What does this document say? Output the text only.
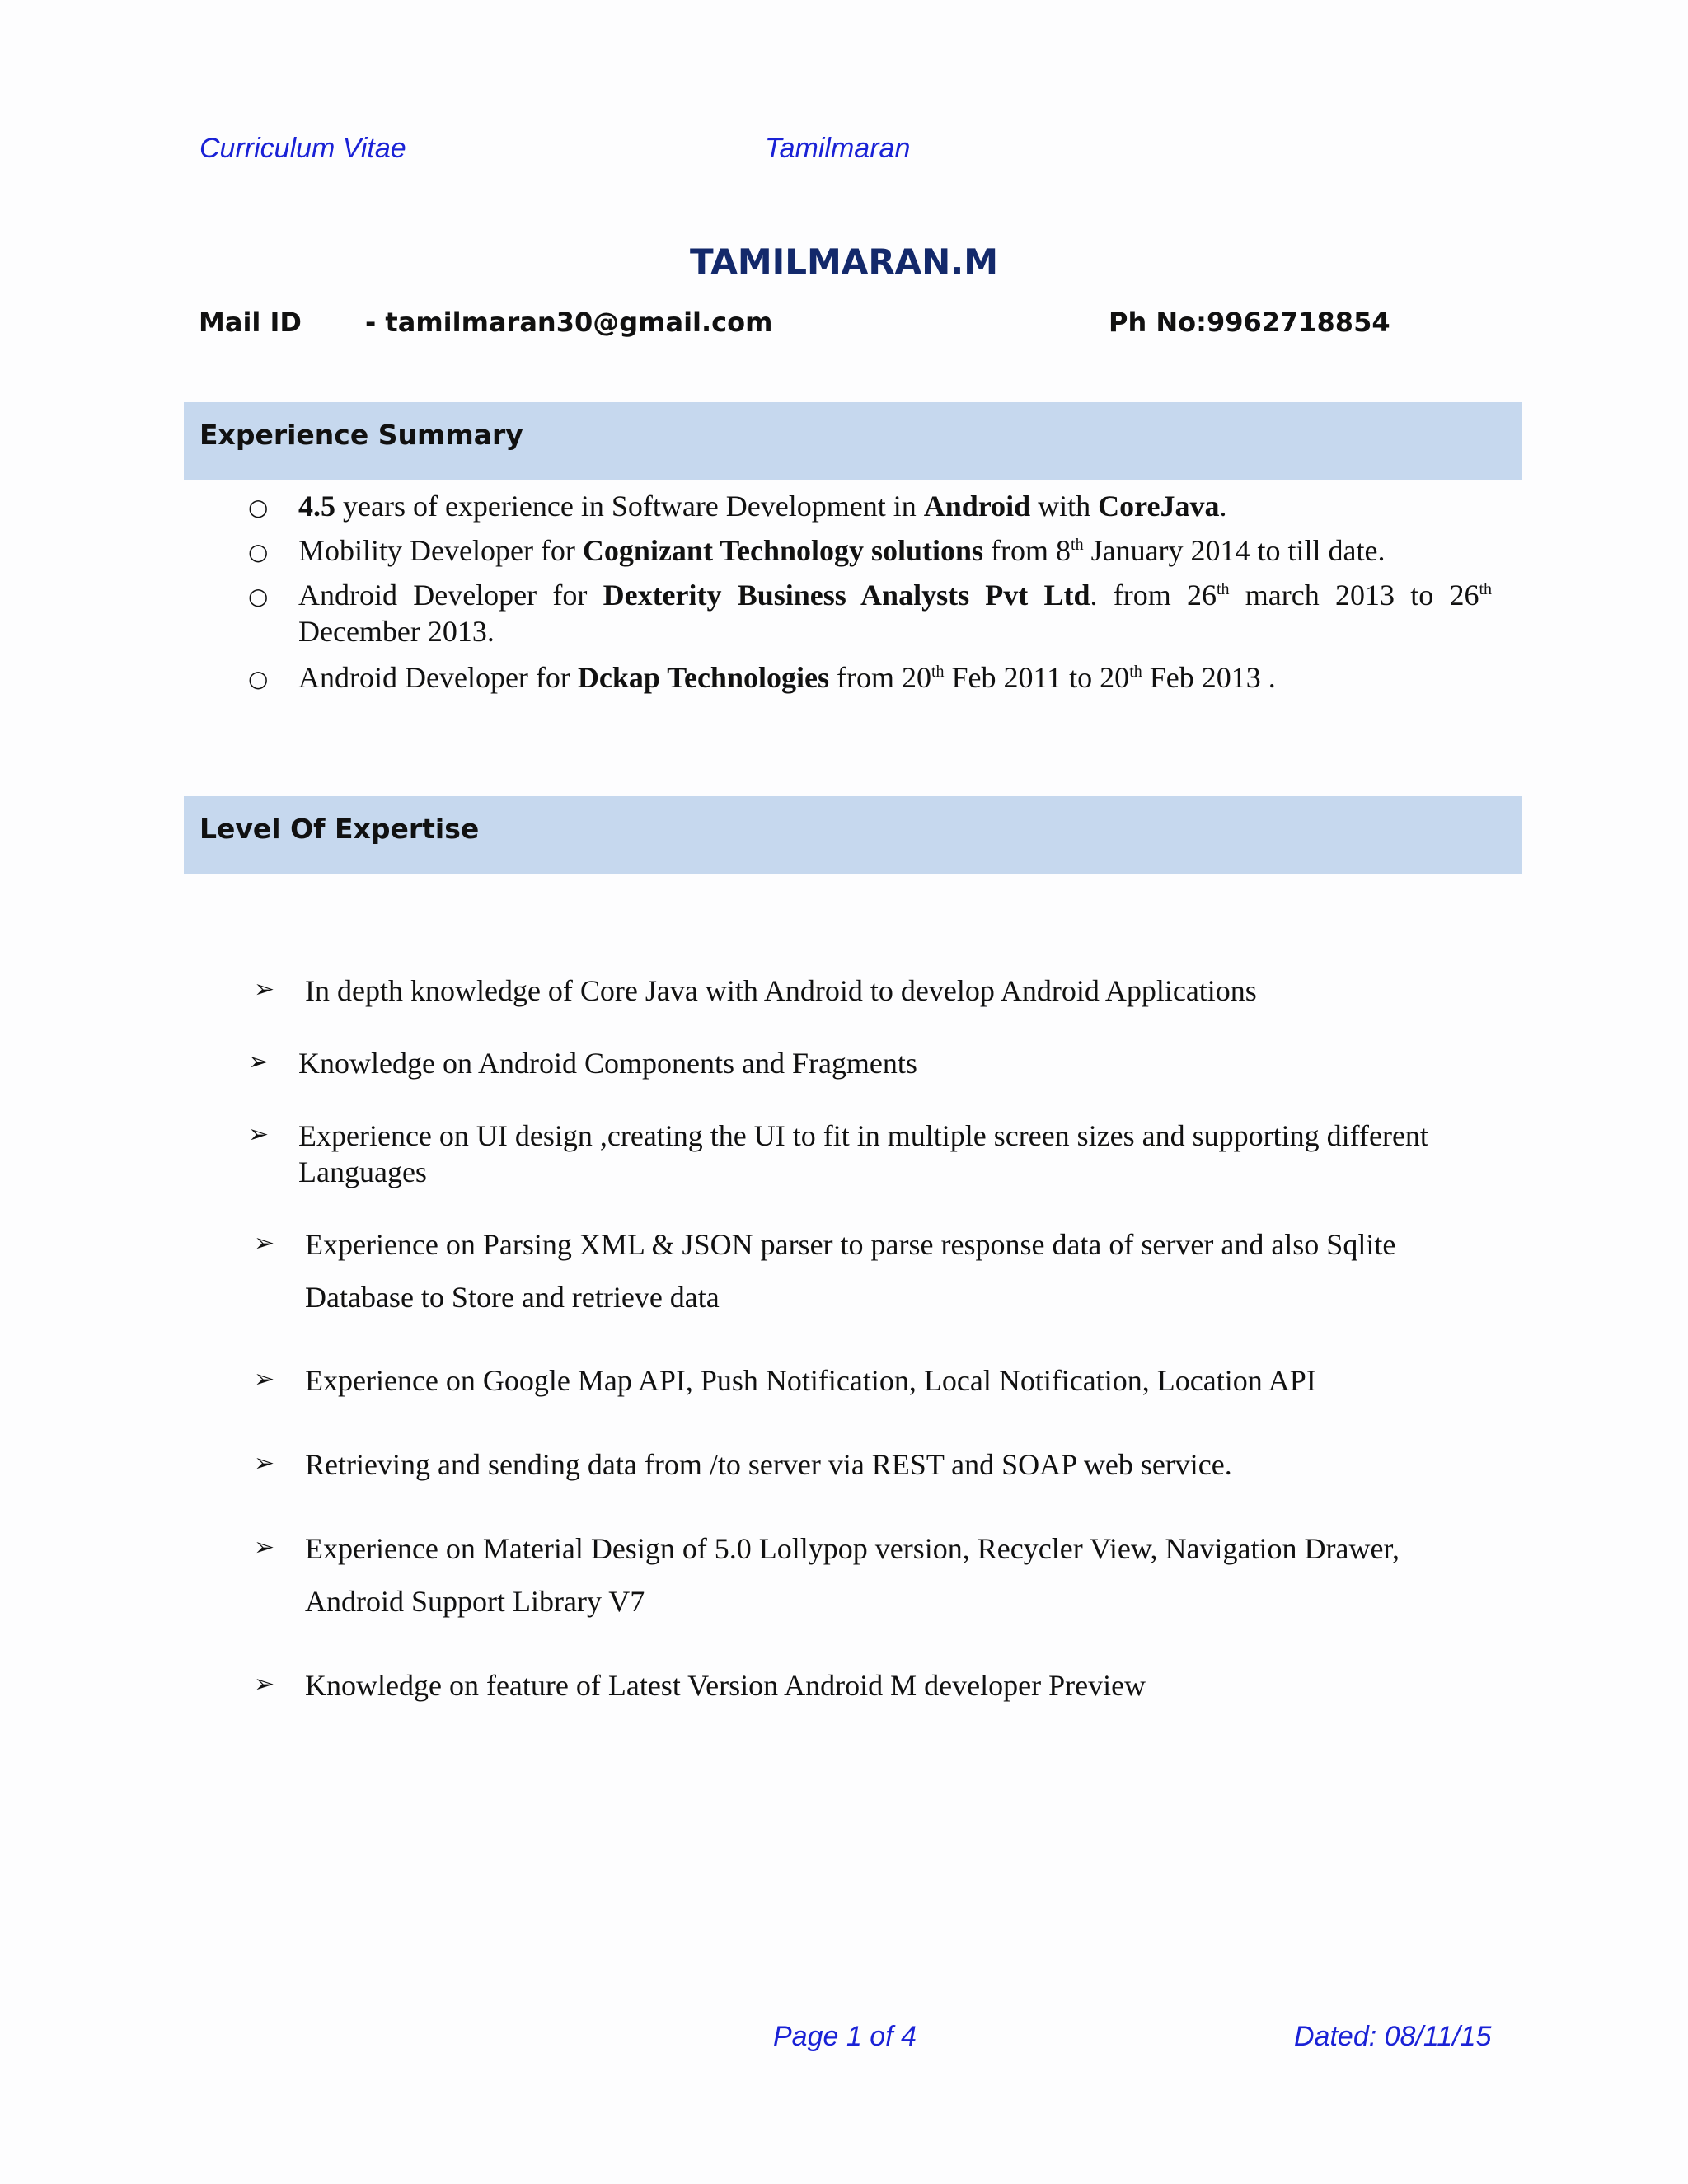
Curriculum Vitae	Tamilmaran
TAMILMARAN.M
Mail ID - tamilmaran30@gmail.com	Ph No:9962718854
Experience Summary
○ 4.5 years of experience in Software Development in Android with CoreJava.
○ Mobility Developer for Cognizant Technology solutions from 8th January 2014 to till date.
○ Android Developer for Dexterity Business Analysts Pvt Ltd. from 26th march 2013 to 26th December 2013.
○ Android Developer for Dckap Technologies from 20th Feb 2011 to 20th Feb 2013 .
Level Of Expertise
➢ In depth knowledge of Core Java with Android to develop Android Applications
➢ Knowledge on Android Components and Fragments
➢ Experience on UI design ,creating the UI to fit in multiple screen sizes and supporting different Languages
➢ Experience on Parsing XML & JSON parser to parse response data of server and also Sqlite Database to Store and retrieve data
➢ Experience on Google Map API, Push Notification, Local Notification, Location API
➢ Retrieving and sending data from /to server via REST and SOAP web service.
➢ Experience on Material Design of 5.0 Lollypop version, Recycler View, Navigation Drawer, Android Support Library V7
➢ Knowledge on feature of Latest Version Android M developer Preview
Page 1 of 4	Dated: 08/11/15
